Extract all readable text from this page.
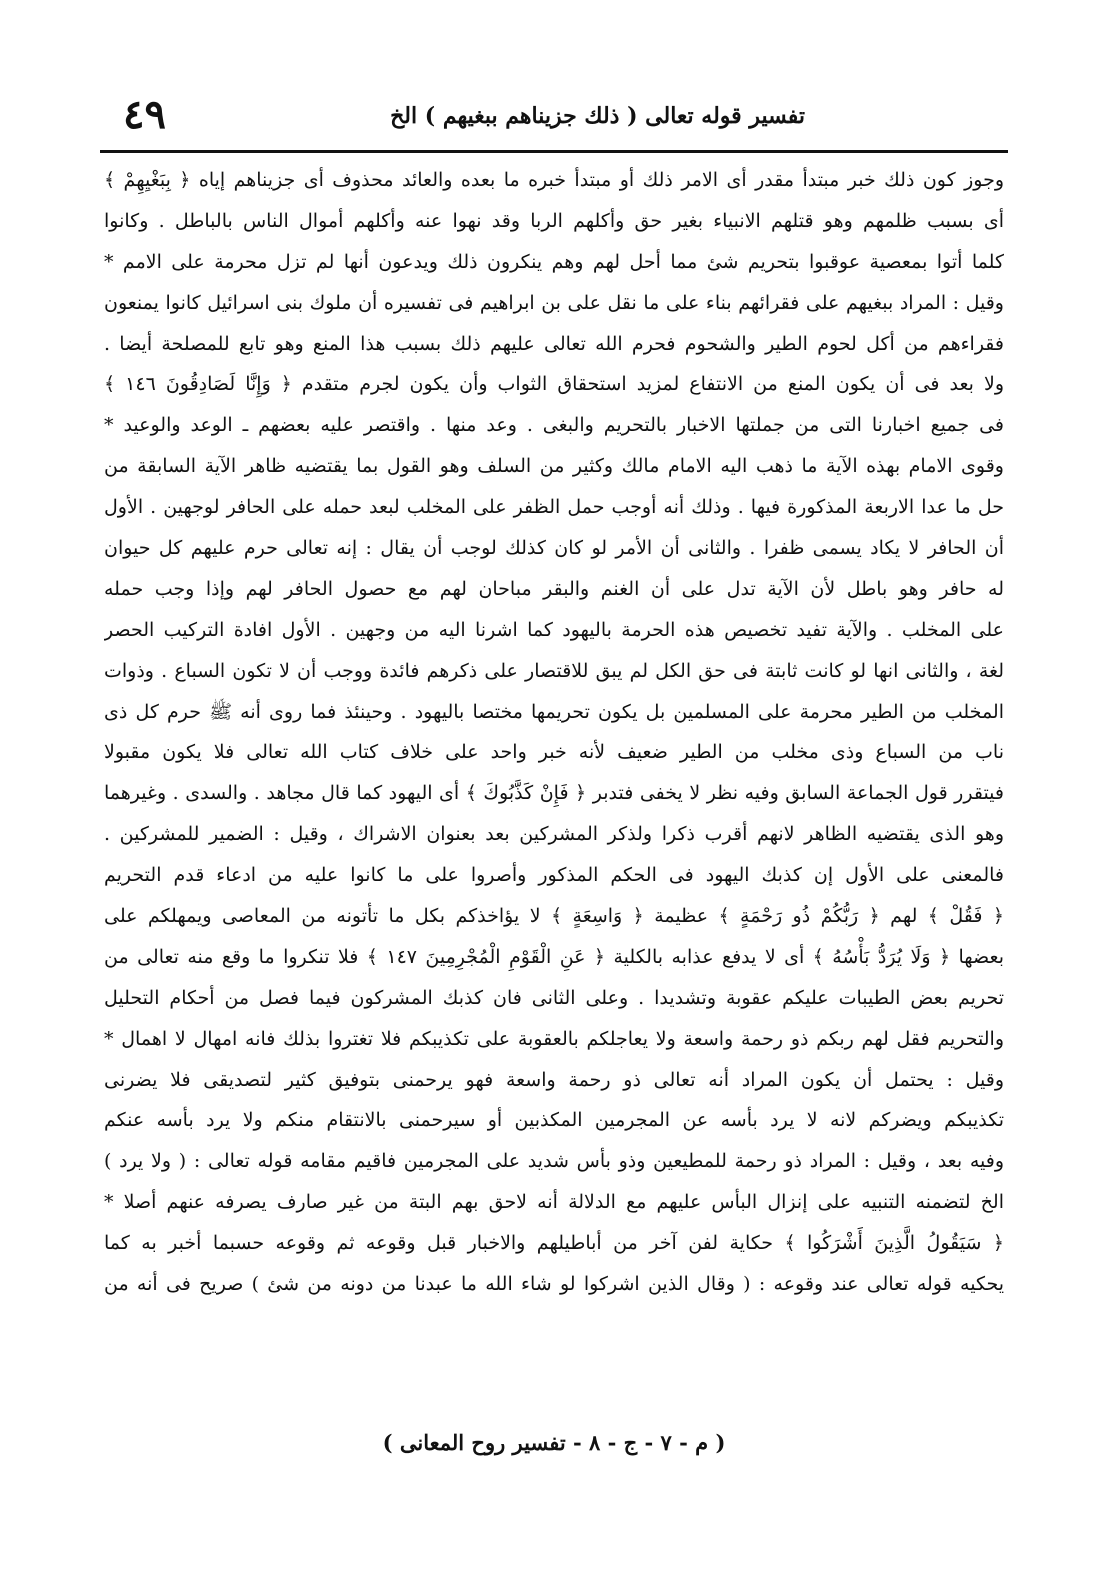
٤٩	تفسير قوله تعالى ( ذلك جزيناهم ببغيهم ) الخ
وجوز كون ذلك خبر مبتدأ مقدر أى الامر ذلك أو مبتدأ خبره ما بعده والعائد محذوف أى جزيناهم إياه ﴿ بِبَغْيِهِمْ ﴾
أى بسبب ظلمهم وهو قتلهم الانبياء بغير حق وأكلهم الربا وقد نهوا عنه وأكلهم أموال الناس بالباطل . وكانوا
كلما أتوا بمعصية عوقبوا بتحريم شئ مما أحل لهم وهم ينكرون ذلك ويدعون أنها لم تزل محرمة على الامم *
وقيل : المراد ببغيهم على فقرائهم بناء على ما نقل على بن ابراهيم فى تفسيره أن ملوك بنى اسرائيل كانوا يمنعون
فقراءهم من أكل لحوم الطير والشحوم فحرم الله تعالى عليهم ذلك بسبب هذا المنع وهو تابع للمصلحة أيضا .
ولا بعد فى أن يكون المنع من الانتفاع لمزيد استحقاق الثواب وأن يكون لجرم متقدم ﴿ وَإِنَّا لَصَادِقُونَ ١٤٦ ﴾
فى جميع اخبارنا التى من جملتها الاخبار بالتحريم والبغى . وعد منها . واقتصر عليه بعضهم ـ الوعد والوعيد *
وقوى الامام بهذه الآية ما ذهب اليه الامام مالك وكثير من السلف وهو القول بما يقتضيه ظاهر الآية السابقة من
حل ما عدا الاربعة المذكورة فيها . وذلك أنه أوجب حمل الظفر على المخلب لبعد حمله على الحافر لوجهين . الأول
أن الحافر لا يكاد يسمى ظفرا . والثانى أن الأمر لو كان كذلك لوجب أن يقال : إنه تعالى حرم عليهم كل حيوان
له حافر وهو باطل لأن الآية تدل على أن الغنم والبقر مباحان لهم مع حصول الحافر لهم وإذا وجب حمله
على المخلب . والآية تفيد تخصيص هذه الحرمة باليهود كما اشرنا اليه من وجهين . الأول افادة التركيب الحصر
لغة ، والثانى انها لو كانت ثابتة فى حق الكل لم يبق للاقتصار على ذكرهم فائدة ووجب أن لا تكون السباع . وذوات
المخلب من الطير محرمة على المسلمين بل يكون تحريمها مختصا باليهود . وحينئذ فما روى أنه ﷺ حرم كل ذى
ناب من السباع وذى مخلب من الطير ضعيف لأنه خبر واحد على خلاف كتاب الله تعالى فلا يكون مقبولا
فيتقرر قول الجماعة السابق وفيه نظر لا يخفى فتدبر ﴿ فَإِنْ كَذَّبُوكَ ﴾ أى اليهود كما قال مجاهد . والسدى . وغيرهما
وهو الذى يقتضيه الظاهر لانهم أقرب ذكرا ولذكر المشركين بعد بعنوان الاشراك ، وقيل : الضمير للمشركين .
فالمعنى على الأول إن كذبك اليهود فى الحكم المذكور وأصروا على ما كانوا عليه من ادعاء قدم التحريم
﴿ فَقُلْ ﴾ لهم ﴿ رَبُّكُمْ ذُو رَحْمَةٍ ﴾ عظيمة ﴿ وَاسِعَةٍ ﴾ لا يؤاخذكم بكل ما تأتونه من المعاصى ويمهلكم على
بعضها ﴿ وَلَا يُرَدُّ بَأْسُهُ ﴾ أى لا يدفع عذابه بالكلية ﴿ عَنِ الْقَوْمِ الْمُجْرِمِينَ ١٤٧ ﴾ فلا تنكروا ما وقع منه تعالى من
تحريم بعض الطيبات عليكم عقوبة وتشديدا . وعلى الثانى فان كذبك المشركون فيما فصل من أحكام التحليل
والتحريم فقل لهم ربكم ذو رحمة واسعة ولا يعاجلكم بالعقوبة على تكذيبكم فلا تغتروا بذلك فانه امهال لا اهمال *
وقيل : يحتمل أن يكون المراد أنه تعالى ذو رحمة واسعة فهو يرحمنى بتوفيق كثير لتصديقى فلا يضرنى
تكذيبكم ويضركم لانه لا يرد بأسه عن المجرمين المكذبين أو سيرحمنى بالانتقام منكم ولا يرد بأسه عنكم
وفيه بعد ، وقيل : المراد ذو رحمة للمطيعين وذو بأس شديد على المجرمين فاقيم مقامه قوله تعالى : ( ولا يرد )
الخ لتضمنه التنبيه على إنزال البأس عليهم مع الدلالة أنه لاحق بهم البتة من غير صارف يصرفه عنهم أصلا *
﴿ سَيَقُولُ الَّذِينَ أَشْرَكُوا ﴾ حكاية لفن آخر من أباطيلهم والاخبار قبل وقوعه ثم وقوعه حسبما أخبر به كما
يحكيه قوله تعالى عند وقوعه : ( وقال الذين اشركوا لو شاء الله ما عبدنا من دونه من شئ ) صريح فى أنه من
( م - ٧ - ج - ٨ - تفسير روح المعانى )
